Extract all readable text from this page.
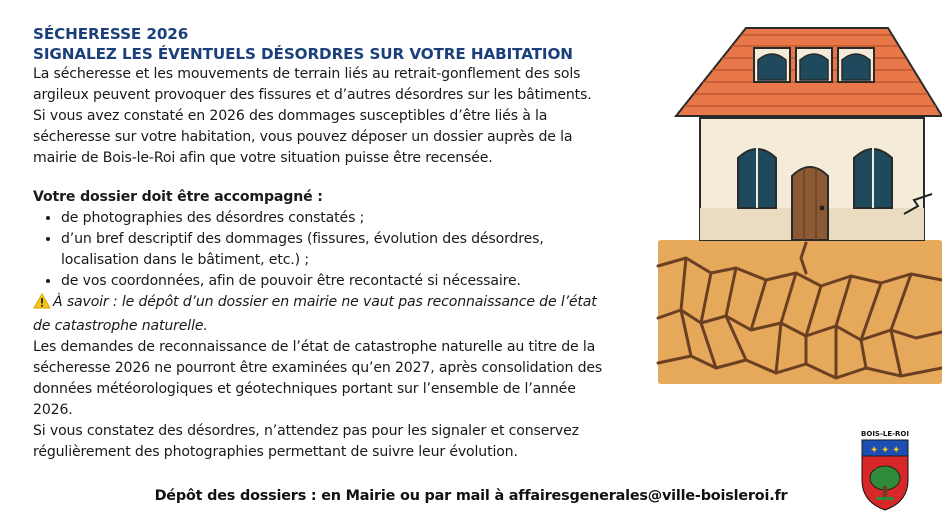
SÉCHERESSE 2026

SIGNALEZ LES ÉVENTUELS DÉSORDRES SUR VOTRE HABITATION

La sécheresse et les mouvements de terrain liés au retrait-gonflement des sols

argileux peuvent provoquer des fissures et d’autres désordres sur les bâtiments.

Si vous avez constaté en 2026 des dommages susceptibles d’être liés à la

sécheresse sur votre habitation, vous pouvez déposer un dossier auprès de la

mairie de Bois-le-Roi afin que votre situation puisse être recensée.

Votre dossier doit être accompagné :

• de photographies des désordres constatés ;
• d’un bref descriptif des dommages (fissures, évolution des désordres,
localisation dans le bâtiment, etc.) ;
• de vos coordonnées, afin de pouvoir être recontacté si nécessaire.

À savoir : le dépôt d’un dossier en mairie ne vaut pas reconnaissance de l’état

de catastrophe naturelle.

Les demandes de reconnaissance de l’état de catastrophe naturelle au titre de la

sécheresse 2026 ne pourront être examinées qu’en 2027, après consolidation des

données météorologiques et géotechniques portant sur l’ensemble de l’année

2026.

Si vous constatez des désordres, n’attendez pas pour les signaler et conservez

régulièrement des photographies permettant de suivre leur évolution.

Dépôt des dossiers : en Mairie ou par mail à affairesgenerales@ville-boisleroi.fr
BOIS-LE-ROI
✦ ✦ ✦
